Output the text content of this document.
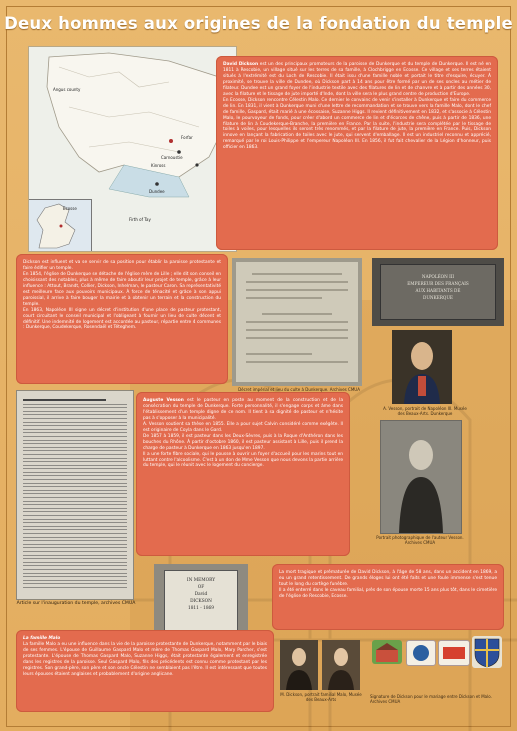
Deux hommes aux origines de la fondation du temple
Angus county
Carnoustie
Forfar
Kinross
Dundee
Firth of Tay
Ecosse

David Dickson est un des principaux promoteurs de la paroisse de Dunkerque et du temple de Dunkerque. Il est né en 1811 à Rescobie, un village situé sur les terres de sa famille, à Clochbrigge en Ecosse. Ce village et ses terres étaient situés à l'extrémité est du Loch de Rescobie. Il était issu d'une famille noble et portait le titre d'esquire, écuyer. À proximité, se trouve la ville de Dundee, où Dickson part à 14 ans pour être formé par un de ses oncles au métier de filateur. Dundee est un grand foyer de l'industrie textile avec des filatures de lin et de chanvre et à partir des années 30, avec la filature et le tissage de jute importé d'Inde, dont la ville sera le plus grand centre de production d'Europe.

En Ecosse, Dickson rencontre Célestin Malo. Ce dernier le convainc de venir s'installer à Dunkerque et faire du commerce de lin. En 1831, il vient à Dunkerque muni d'une lettre de recommandation et se trouve vers la famille Malo, dont le chef de famille, Gaspard, était marié à une écossaise, Suzanne Higgs. Il revient définitivement en 1832, et s'associe à Célestin Malo, le pourvoyeur de fonds, pour créer d'abord un commerce de lin et d'écorces de chêne, puis à partir de 1836, une filature de lin à Coudekerque-Branche, la première en France. Par la suite, l'industrie sera complétée par le tissage de toiles à voiles, pour lesquelles ils seront très renommés, et par la filature de jute, la première en France. Puis, Dickson innove en lançant la fabrication de toiles avec le jute, qui servent d'emballage. Il est un industriel reconnu et apprécié, remarqué par le roi Louis-Philippe et l'empereur Napoléon III. En 1856, il fut fait chevalier de la Légion d'honneur, puis officier en 1863.

Dickson est influent et va se servir de sa position pour établir la paroisse protestante et faire édifier un temple.

En 1854, l'église de Dunkerque se détache de l'église mère de Lille ; elle dit son conseil en choisissant des notables, plus à même de faire aboutir leur projet de temple, grâce à leur influence : Attout, Brandt, Collier, Dickson, Inhelman, le pasteur Caron. Sa représentativité est meilleure face aux pouvoirs municipaux. À force de ténacité et grâce à son appui paroissial, il arrive à faire bouger la mairie et à obtenir un terrain et la construction du temple.

En 1863, Napoléon III signe un décret d'institution d'une place de pasteur protestant, court circuitant le conseil municipal et l'obligeant à fournir un lieu de culte décent et définitif. Une indemnité de logement est accordée au pasteur, répartie entre 4 communes : Dunkerque, Coudekerque, Rosendaël et Téteghem.

Décret impérial et lieu du culte à Dunkerque. Archives CMUA
NAPOLÉON III
EMPEREUR DES FRANÇAIS
AUX HABITANTS DE
DUNKERQUE
A. Vesson, portrait de Napoléon III. Musée des Beaux-Arts. Dunkerque
Article sur l'inauguration du temple, archives CMUA

Auguste Vesson est le pasteur en poste au moment de la construction et de la consécration du temple de Dunkerque. Forte personnalité, il s'engage corps et âme dans l'établissement d'un temple digne de ce nom. Il tient à sa dignité de pasteur et n'hésite pas à s'opposer à la municipalité.

A. Vesson soutient sa thèse en 1855. Elle a pour sujet Calvin considéré comme exégète. Il est originaire de Coyla dans le Gard.

De 1857 à 1859, il est pasteur dans les Deux-Sèvres, puis à la Roque d'Anthéron dans les bouches du Rhône. À partir d'octobre 1860, il est pasteur assistant à Lille, puis il prend la charge de pasteur à Dunkerque en 1863 jusqu'en 1897.

Il a une forte fibre sociale, qui le pousse à ouvrir un foyer d'accueil pour les marins tout en luttant contre l'alcoolisme. C'est à un don de Mme Vesson que nous devons la partie arrière du temple, qui le réunit avec le logement du concierge.

Portrait photographique de l'auteur Vesson. Archives CMUA
IN MEMORY
OF
David
DICKSON
1811 - 1869

La mort tragique et prématurée de David Dickson, à l'âge de 58 ans, dans un accident en 1869, a eu un grand retentissement. De grands éloges lui ont été faits et une foule immense s'est tenue tout le long du cortège funèbre.

Il a été enterré dans le caveau familial, près de son épouse morte 15 ans plus tôt, dans le cimetière de l'église de Rescobie, Ecosse.

La famille Malo

La famille Malo a eu une influence dans la vie de la paroisse protestante de Dunkerque, notamment par le biais de ses femmes. L'épouse de Guillaume Gaspard Malo et mère de Thomas Gaspard Malo, Mary Parcher, s'est protestante. L'épouse de Thomas Gaspard Malo, Suzanne Higgs, était protestante également et enregistrée dans les registres de la paroisse. Seul Gaspard Malo, fils des précédents est connu comme protestant par les registres. Son grand-père, son père et son oncle Célestin ne semblaient pas l'être. Il est intéressant que toutes leurs épouses étaient anglaises et probablement d'origine anglicane.

M. Dickson, portrait familial Malo, Musée des Beaux-Arts
Signature de Dickson pour le mariage entre Dickson et Malo. Archives CMUA
